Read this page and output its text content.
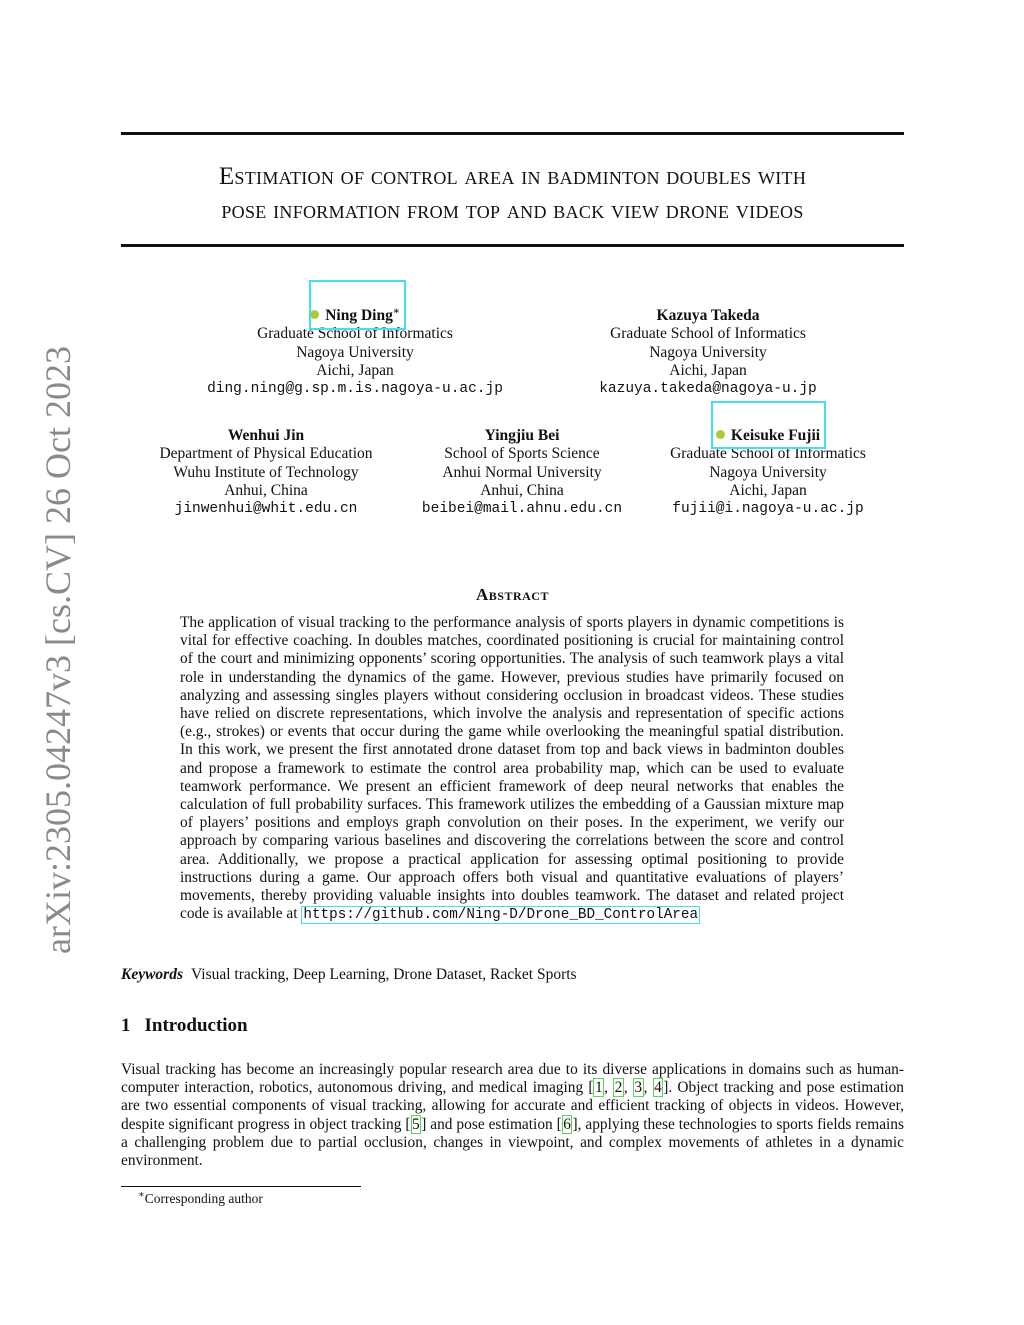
arXiv:2305.04247v3 [cs.CV] 26 Oct 2023
Estimation of control area in badminton doubles with
pose information from top and back view drone videos
Ning Ding∗
Graduate School of Informatics
Nagoya University
Aichi, Japan
ding.ning@g.sp.m.is.nagoya-u.ac.jp
Kazuya Takeda
Graduate School of Informatics
Nagoya University
Aichi, Japan
kazuya.takeda@nagoya-u.jp
Wenhui Jin
Department of Physical Education
Wuhu Institute of Technology
Anhui, China
jinwenhui@whit.edu.cn
Yingjiu Bei
School of Sports Science
Anhui Normal University
Anhui, China
beibei@mail.ahnu.edu.cn
Keisuke Fujii
Graduate School of Informatics
Nagoya University
Aichi, Japan
fujii@i.nagoya-u.ac.jp
Abstract
The application of visual tracking to the performance analysis of sports players in dynamic competitions is vital for effective coaching. In doubles matches, coordinated positioning is crucial for maintaining control of the court and minimizing opponents’ scoring opportunities. The analysis of such teamwork plays a vital role in understanding the dynamics of the game. However, previous studies have primarily focused on analyzing and assessing singles players without considering occlusion in broadcast videos. These studies have relied on discrete representations, which involve the analysis and representation of specific actions (e.g., strokes) or events that occur during the game while overlooking the meaningful spatial distribution. In this work, we present the first annotated drone dataset from top and back views in badminton doubles and propose a framework to estimate the control area probability map, which can be used to evaluate teamwork performance. We present an efficient framework of deep neural networks that enables the calculation of full probability surfaces. This framework utilizes the embedding of a Gaussian mixture map of players’ positions and employs graph convolution on their poses. In the experiment, we verify our approach by comparing various baselines and discovering the correlations between the score and control area. Additionally, we propose a practical application for assessing optimal positioning to provide instructions during a game. Our approach offers both visual and quantitative evaluations of players’ movements, thereby providing valuable insights into doubles teamwork. The dataset and related project code is available at https://github.com/Ning-D/Drone_BD_ControlArea
Keywords Visual tracking, Deep Learning, Drone Dataset, Racket Sports
1 Introduction
Visual tracking has become an increasingly popular research area due to its diverse applications in domains such as human-computer interaction, robotics, autonomous driving, and medical imaging [1, 2, 3, 4]. Object tracking and pose estimation are two essential components of visual tracking, allowing for accurate and efficient tracking of objects in videos. However, despite significant progress in object tracking [5] and pose estimation [6], applying these technologies to sports fields remains a challenging problem due to partial occlusion, changes in viewpoint, and complex movements of athletes in a dynamic environment.
∗Corresponding author
